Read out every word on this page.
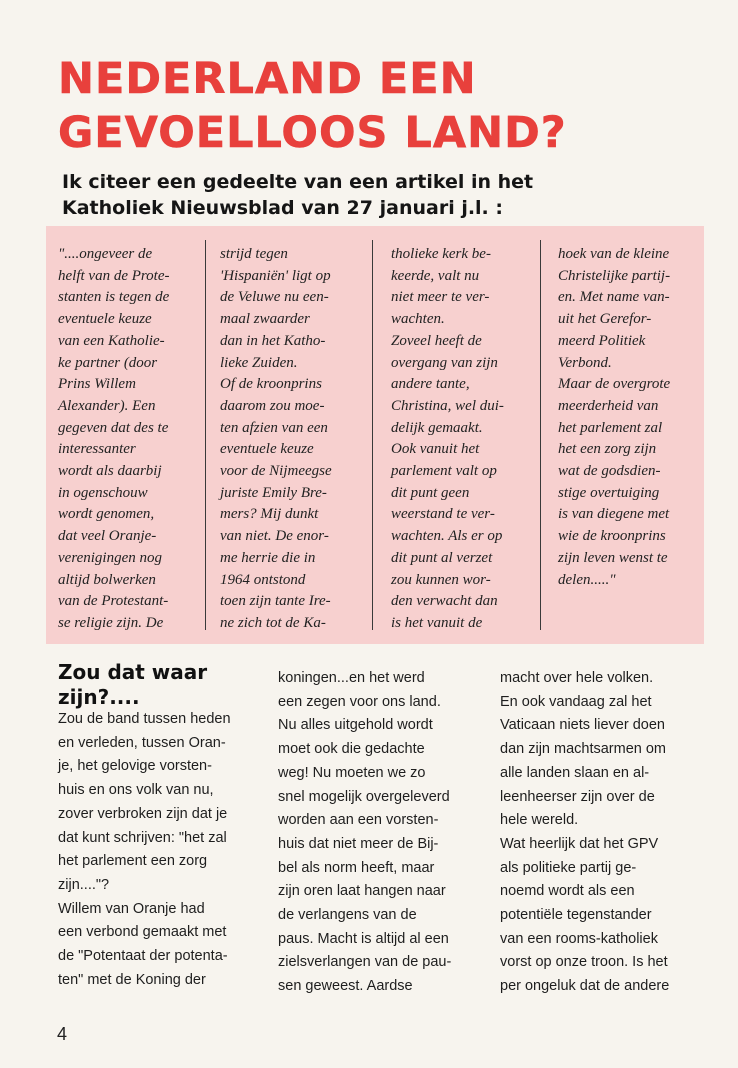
NEDERLAND EEN
GEVOELLOOS LAND?
Ik citeer een gedeelte van een artikel in het
Katholiek Nieuwsblad van 27 januari j.l. :
"....ongeveer de
helft van de Prote-
stanten is tegen de
eventuele keuze
van een Katholie-
ke partner (door
Prins Willem
Alexander). Een
gegeven dat des te
interessanter
wordt als daarbij
in ogenschouw
wordt genomen,
dat veel Oranje-
verenigingen nog
altijd bolwerken
van de Protestant-
se religie zijn. De
strijd tegen
'Hispaniën' ligt op
de Veluwe nu een-
maal zwaarder
dan in het Katho-
lieke Zuiden.
Of de kroonprins
daarom zou moe-
ten afzien van een
eventuele keuze
voor de Nijmeegse
juriste Emily Bre-
mers? Mij dunkt
van niet. De enor-
me herrie die in
1964 ontstond
toen zijn tante Ire-
ne zich tot de Ka-
tholieke kerk be-
keerde, valt nu
niet meer te ver-
wachten.
Zoveel heeft de
overgang van zijn
andere tante,
Christina, wel dui-
delijk gemaakt.
Ook vanuit het
parlement valt op
dit punt geen
weerstand te ver-
wachten. Als er op
dit punt al verzet
zou kunnen wor-
den verwacht dan
is het vanuit de
hoek van de kleine
Christelijke partij-
en. Met name van-
uit het Gerefor-
meerd Politiek
Verbond.
Maar de overgrote
meerderheid van
het parlement zal
het een zorg zijn
wat de godsdien-
stige overtuiging
is van diegene met
wie de kroonprins
zijn leven wenst te
delen....."
Zou dat waar
zijn?....
Zou de band tussen heden
en verleden, tussen Oran-
je, het gelovige vorsten-
huis en ons volk van nu,
zover verbroken zijn dat je
dat kunt schrijven: "het zal
het parlement een zorg
zijn...."?
Willem van Oranje had
een verbond gemaakt met
de "Potentaat der potenta-
ten" met de Koning der
koningen...en het werd
een zegen voor ons land.
Nu alles uitgehold wordt
moet ook die gedachte
weg! Nu moeten we zo
snel mogelijk overgeleverd
worden aan een vorsten-
huis dat niet meer de Bij-
bel als norm heeft, maar
zijn oren laat hangen naar
de verlangens van de
paus. Macht is altijd al een
zielsverlangen van de pau-
sen geweest. Aardse
macht over hele volken.
En ook vandaag zal het
Vaticaan niets liever doen
dan zijn machtsarmen om
alle landen slaan en al-
leenheerser zijn over de
hele wereld.
Wat heerlijk dat het GPV
als politieke partij ge-
noemd wordt als een
potentiële tegenstander
van een rooms-katholiek
vorst op onze troon. Is het
per ongeluk dat de andere
4
